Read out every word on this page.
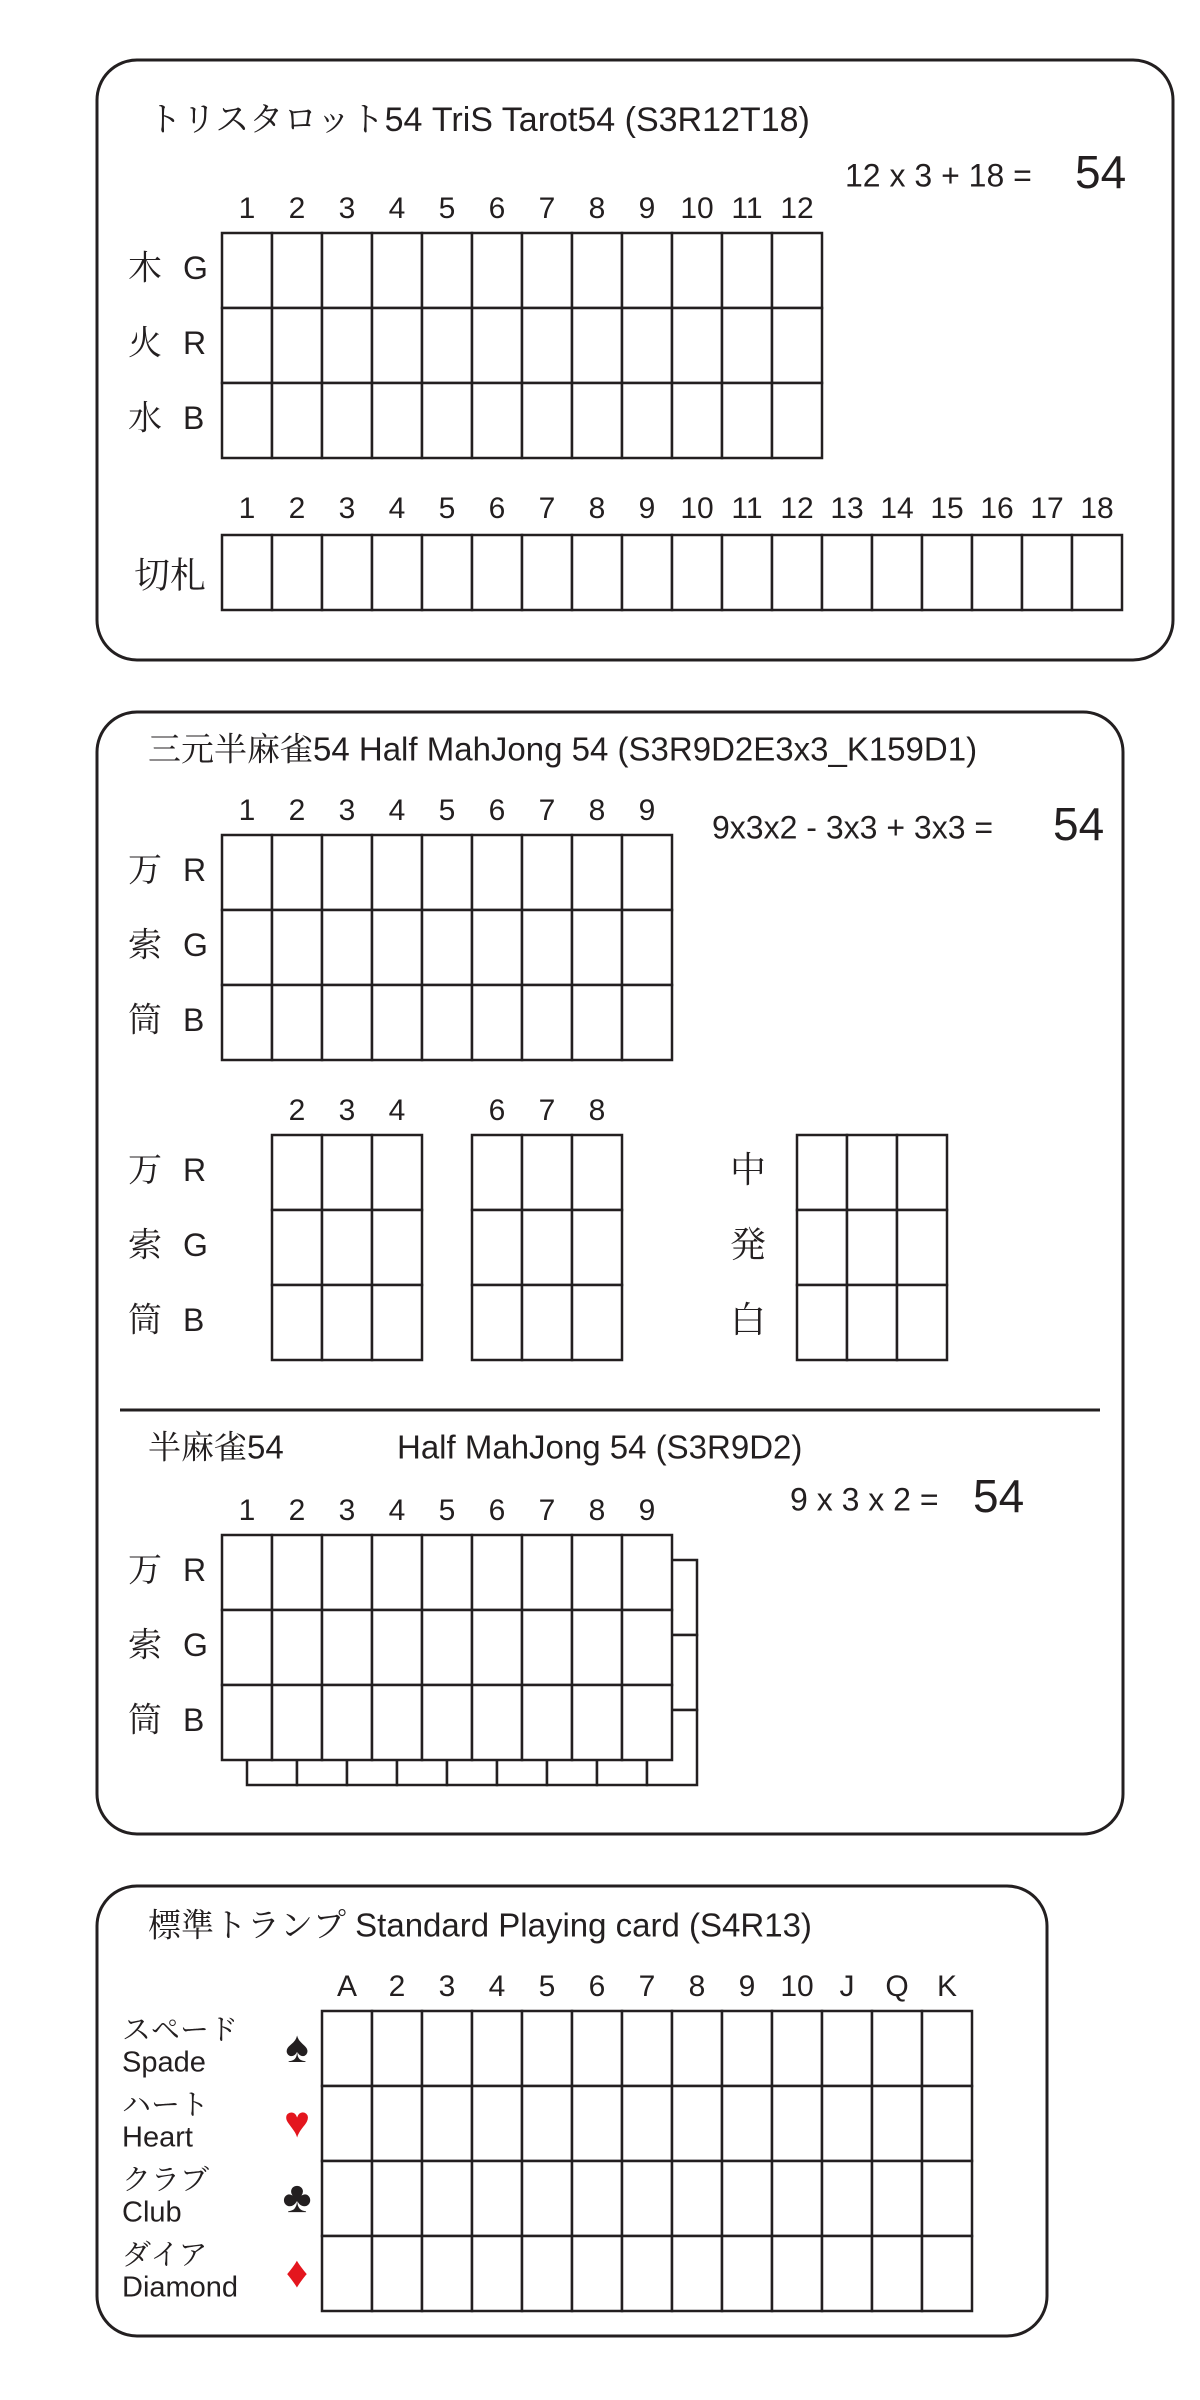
トリスタロット54 TriS Tarot54 (S3R12T18)
12 x 3 + 18 = 54
1 2 3 4 5 6 7 8 9 10 11 12
木 G
火 R
水 B
1 2 3 4 5 6 7 8 9 10 11 12 13 14 15 16 17 18
切札
三元半麻雀54 Half MahJong 54 (S3R9D2E3x3_K159D1)
9x3x2 - 3x3 + 3x3 = 54
1 2 3 4 5 6 7 8 9
万 R
索 G
筒 B
2 3 4	6 7 8
万 R
索 G
筒 B
中
発
白
半麻雀54	Half MahJong 54 (S3R9D2)
9 x 3 x 2 = 54
1 2 3 4 5 6 7 8 9
万 R
索 G
筒 B
標準トランプ Standard Playing card (S4R13)
A 2 3 4 5 6 7 8 9 10 J Q K
スペード
Spade ♠
ハート
Heart ♥
クラブ
Club ♣
ダイア
Diamond ♦
